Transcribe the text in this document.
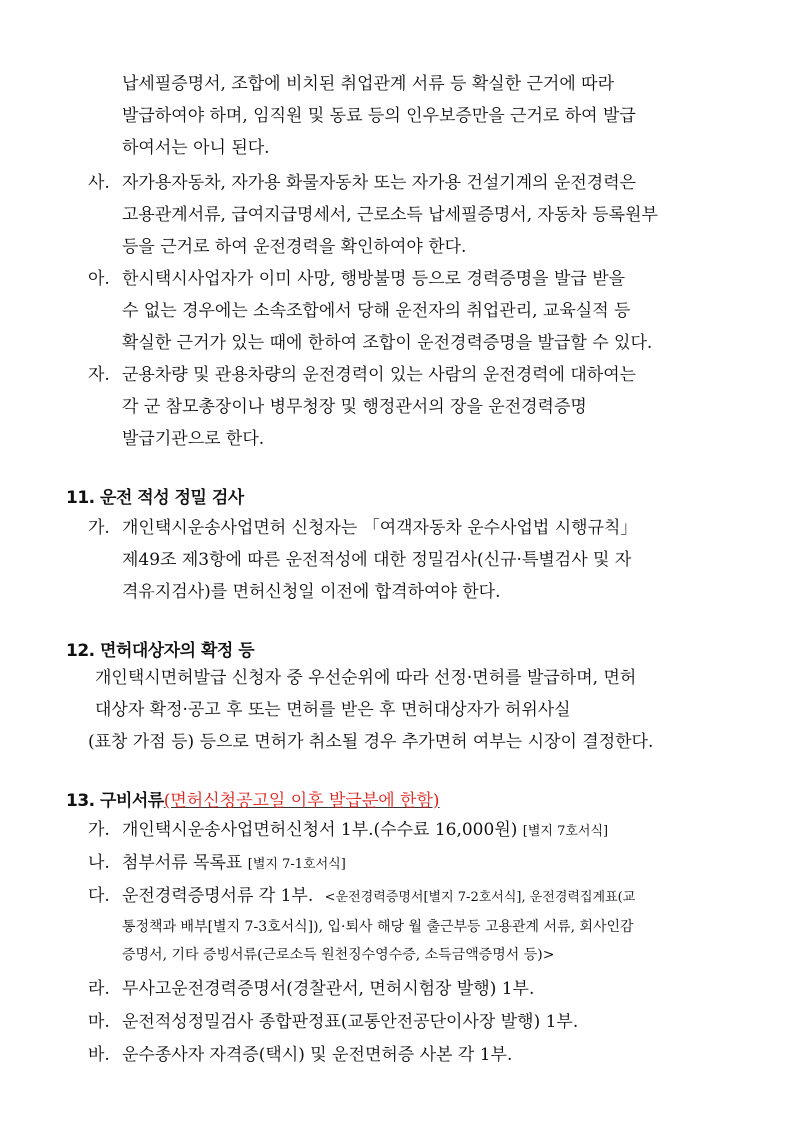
납세필증명서, 조합에 비치된 취업관계 서류 등 확실한 근거에 따라
발급하여야 하며, 임직원 및 동료 등의 인우보증만을 근거로 하여 발급
하여서는 아니 된다.
사. 자가용자동차, 자가용 화물자동차 또는 자가용 건설기계의 운전경력은
고용관계서류, 급여지급명세서, 근로소득 납세필증명서, 자동차 등록원부
등을 근거로 하여 운전경력을 확인하여야 한다.
아. 한시택시사업자가 이미 사망, 행방불명 등으로 경력증명을 발급 받을
수 없는 경우에는 소속조합에서 당해 운전자의 취업관리, 교육실적 등
확실한 근거가 있는 때에 한하여 조합이 운전경력증명을 발급할 수 있다.
자. 군용차량 및 관용차량의 운전경력이 있는 사람의 운전경력에 대하여는
각 군 참모총장이나 병무청장 및 행정관서의 장을 운전경력증명
발급기관으로 한다.
11. 운전 적성 정밀 검사
가. 개인택시운송사업면허 신청자는 「여객자동차 운수사업법 시행규칙」
제49조 제3항에 따른 운전적성에 대한 정밀검사(신규·특별검사 및 자
격유지검사)를 면허신청일 이전에 합격하여야 한다.
12. 면허대상자의 확정 등
개인택시면허발급 신청자 중 우선순위에 따라 선정·면허를 발급하며, 면허
대상자 확정·공고 후 또는 면허를 받은 후 면허대상자가 허위사실
(표창 가점 등) 등으로 면허가 취소될 경우 추가면허 여부는 시장이 결정한다.
13. 구비서류(면허신청공고일 이후 발급분에 한함)
가. 개인택시운송사업면허신청서 1부.(수수료 16,000원) [별지 7호서식]
나. 첨부서류 목록표 [별지 7-1호서식]
다. 운전경력증명서류 각 1부. <운전경력증명서[별지 7-2호서식], 운전경력집계표(교
통정책과 배부[별지 7-3호서식]), 입·퇴사 해당 월 출근부등 고용관계 서류, 회사인감
증명서, 기타 증빙서류(근로소득 원천징수영수증, 소득금액증명서 등)>
라. 무사고운전경력증명서(경찰관서, 면허시험장 발행) 1부.
마. 운전적성정밀검사 종합판정표(교통안전공단이사장 발행) 1부.
바. 운수종사자 자격증(택시) 및 운전면허증 사본 각 1부.
